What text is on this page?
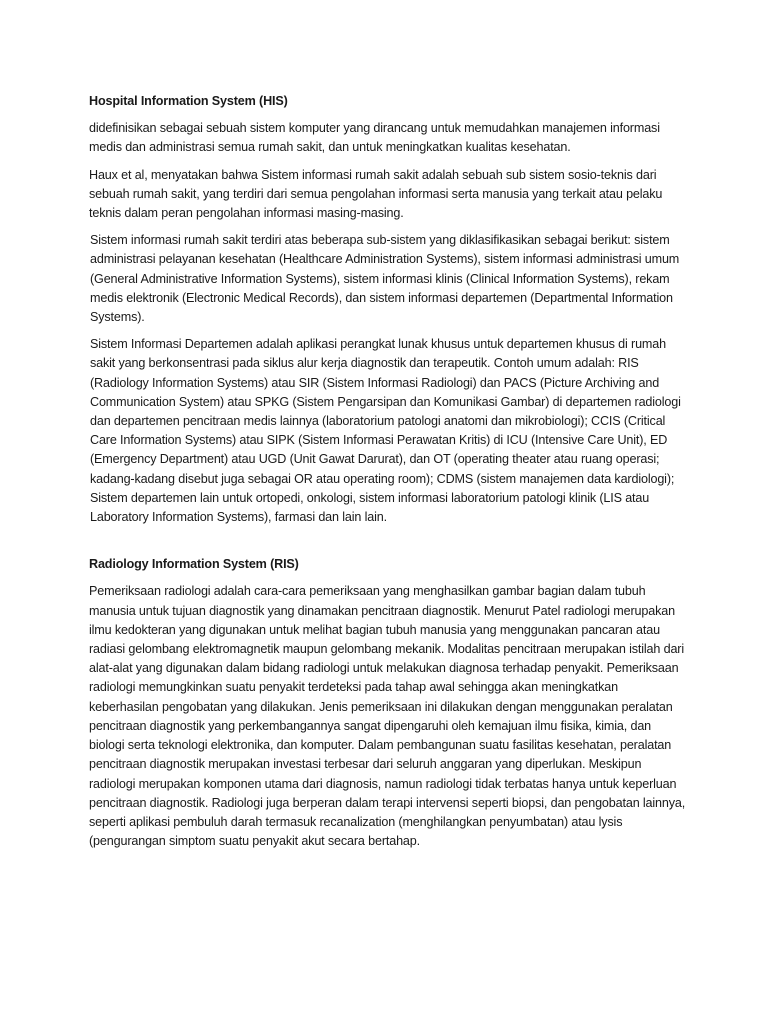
Hospital Information System (HIS)

didefinisikan sebagai sebuah sistem komputer yang dirancang untuk memudahkan manajemen informasi medis dan administrasi semua rumah sakit, dan untuk meningkatkan kualitas kesehatan.

Haux et al, menyatakan bahwa Sistem informasi rumah sakit adalah sebuah sub sistem sosio-teknis dari sebuah rumah sakit, yang terdiri dari semua pengolahan informasi serta manusia yang terkait atau pelaku teknis dalam peran pengolahan informasi masing-masing.

Sistem informasi rumah sakit terdiri atas beberapa sub-sistem yang diklasifikasikan sebagai berikut: sistem administrasi pelayanan kesehatan (Healthcare Administration Systems), sistem informasi administrasi umum (General Administrative Information Systems), sistem informasi klinis (Clinical Information Systems), rekam medis elektronik (Electronic Medical Records), dan sistem informasi departemen (Departmental Information Systems).

Sistem Informasi Departemen adalah aplikasi perangkat lunak khusus untuk departemen khusus di rumah sakit yang berkonsentrasi pada siklus alur kerja diagnostik dan terapeutik. Contoh umum adalah: RIS (Radiology Information Systems) atau SIR (Sistem Informasi Radiologi) dan PACS (Picture Archiving and Communication System) atau SPKG (Sistem Pengarsipan dan Komunikasi Gambar) di departemen radiologi dan departemen pencitraan medis lainnya (laboratorium patologi anatomi dan mikrobiologi); CCIS (Critical Care Information Systems) atau SIPK (Sistem Informasi Perawatan Kritis) di ICU (Intensive Care Unit), ED (Emergency Department) atau UGD (Unit Gawat Darurat), dan OT (operating theater atau ruang operasi; kadang-kadang disebut juga sebagai OR atau operating room); CDMS (sistem manajemen data kardiologi); Sistem departemen lain untuk ortopedi, onkologi, sistem informasi laboratorium patologi klinik (LIS atau Laboratory Information Systems), farmasi dan lain lain.

Radiology Information System (RIS)

Pemeriksaan radiologi adalah cara-cara pemeriksaan yang menghasilkan gambar bagian dalam tubuh manusia untuk tujuan diagnostik yang dinamakan pencitraan diagnostik. Menurut Patel radiologi merupakan ilmu kedokteran yang digunakan untuk melihat bagian tubuh manusia yang menggunakan pancaran atau radiasi gelombang elektromagnetik maupun gelombang mekanik. Modalitas pencitraan merupakan istilah dari alat-alat yang digunakan dalam bidang radiologi untuk melakukan diagnosa terhadap penyakit. Pemeriksaan radiologi memungkinkan suatu penyakit terdeteksi pada tahap awal sehingga akan meningkatkan keberhasilan pengobatan yang dilakukan. Jenis pemeriksaan ini dilakukan dengan menggunakan peralatan pencitraan diagnostik yang perkembangannya sangat dipengaruhi oleh kemajuan ilmu fisika, kimia, dan biologi serta teknologi elektronika, dan komputer. Dalam pembangunan suatu fasilitas kesehatan, peralatan pencitraan diagnostik merupakan investasi terbesar dari seluruh anggaran yang diperlukan. Meskipun radiologi merupakan komponen utama dari diagnosis, namun radiologi tidak terbatas hanya untuk keperluan pencitraan diagnostik. Radiologi juga berperan dalam terapi intervensi seperti biopsi, dan pengobatan lainnya, seperti aplikasi pembuluh darah termasuk recanalization (menghilangkan penyumbatan) atau lysis (pengurangan simptom suatu penyakit akut secara bertahap.
